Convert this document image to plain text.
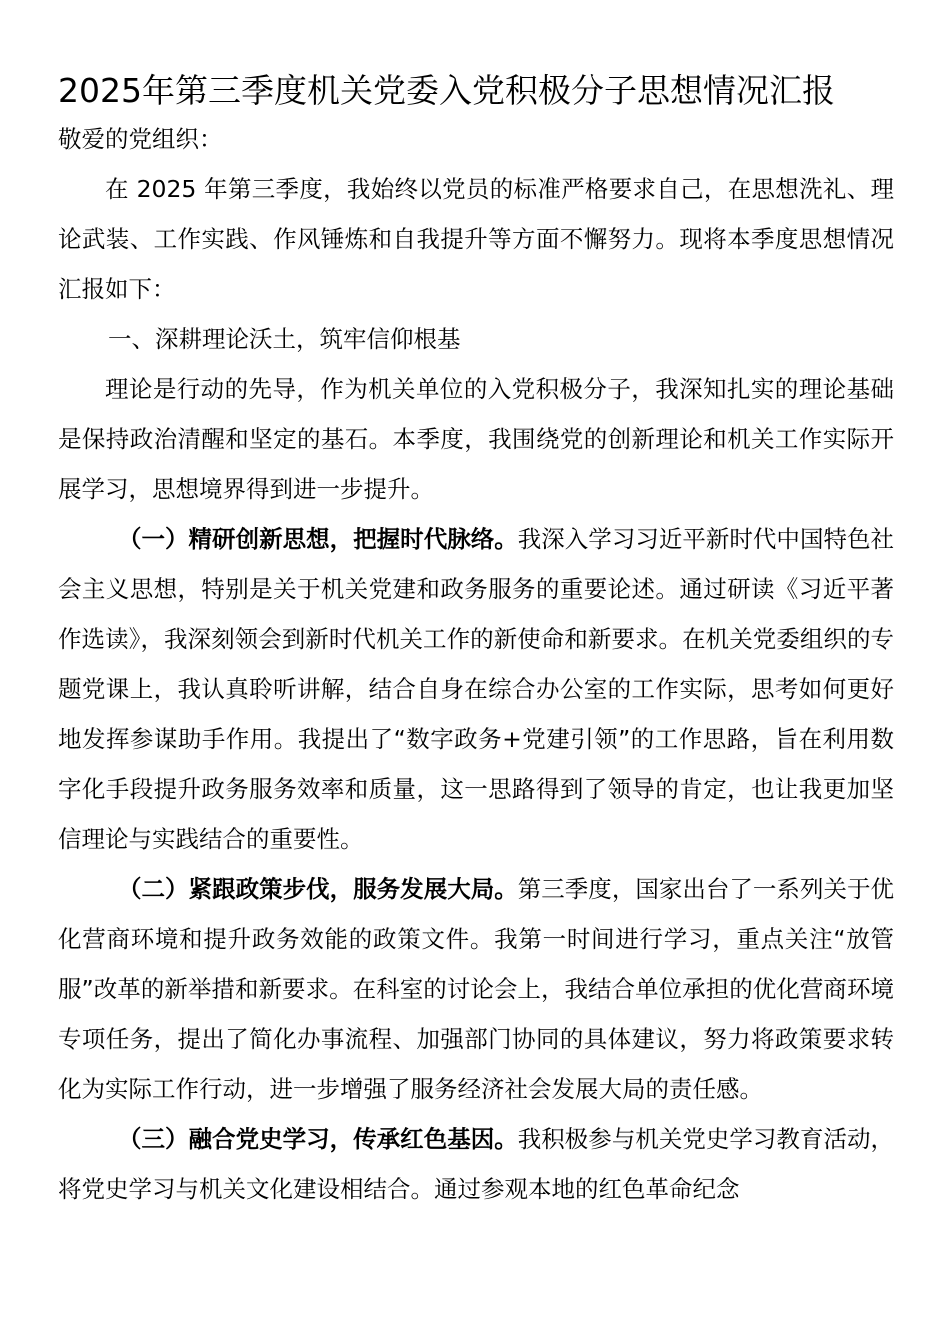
2025年第三季度机关党委入党积极分子思想情况汇报

敬爱的党组织：

在 2025 年第三季度，我始终以党员的标准严格要求自己，在思想洗礼、理论武装、工作实践、作风锤炼和自我提升等方面不懈努力。现将本季度思想情况汇报如下：

一、深耕理论沃土，筑牢信仰根基

理论是行动的先导，作为机关单位的入党积极分子，我深知扎实的理论基础是保持政治清醒和坚定的基石。本季度，我围绕党的创新理论和机关工作实际开展学习，思想境界得到进一步提升。

（一）精研创新思想，把握时代脉络。我深入学习习近平新时代中国特色社会主义思想，特别是关于机关党建和政务服务的重要论述。通过研读《习近平著作选读》，我深刻领会到新时代机关工作的新使命和新要求。在机关党委组织的专题党课上，我认真聆听讲解，结合自身在综合办公室的工作实际，思考如何更好地发挥参谋助手作用。我提出了“数字政务+党建引领”的工作思路，旨在利用数字化手段提升政务服务效率和质量，这一思路得到了领导的肯定，也让我更加坚信理论与实践结合的重要性。

（二）紧跟政策步伐，服务发展大局。第三季度，国家出台了一系列关于优化营商环境和提升政务效能的政策文件。我第一时间进行学习，重点关注“放管服”改革的新举措和新要求。在科室的讨论会上，我结合单位承担的优化营商环境专项任务，提出了简化办事流程、加强部门协同的具体建议，努力将政策要求转化为实际工作行动，进一步增强了服务经济社会发展大局的责任感。

（三）融合党史学习，传承红色基因。我积极参与机关党史学习教育活动，将党史学习与机关文化建设相结合。通过参观本地的红色革命纪念
